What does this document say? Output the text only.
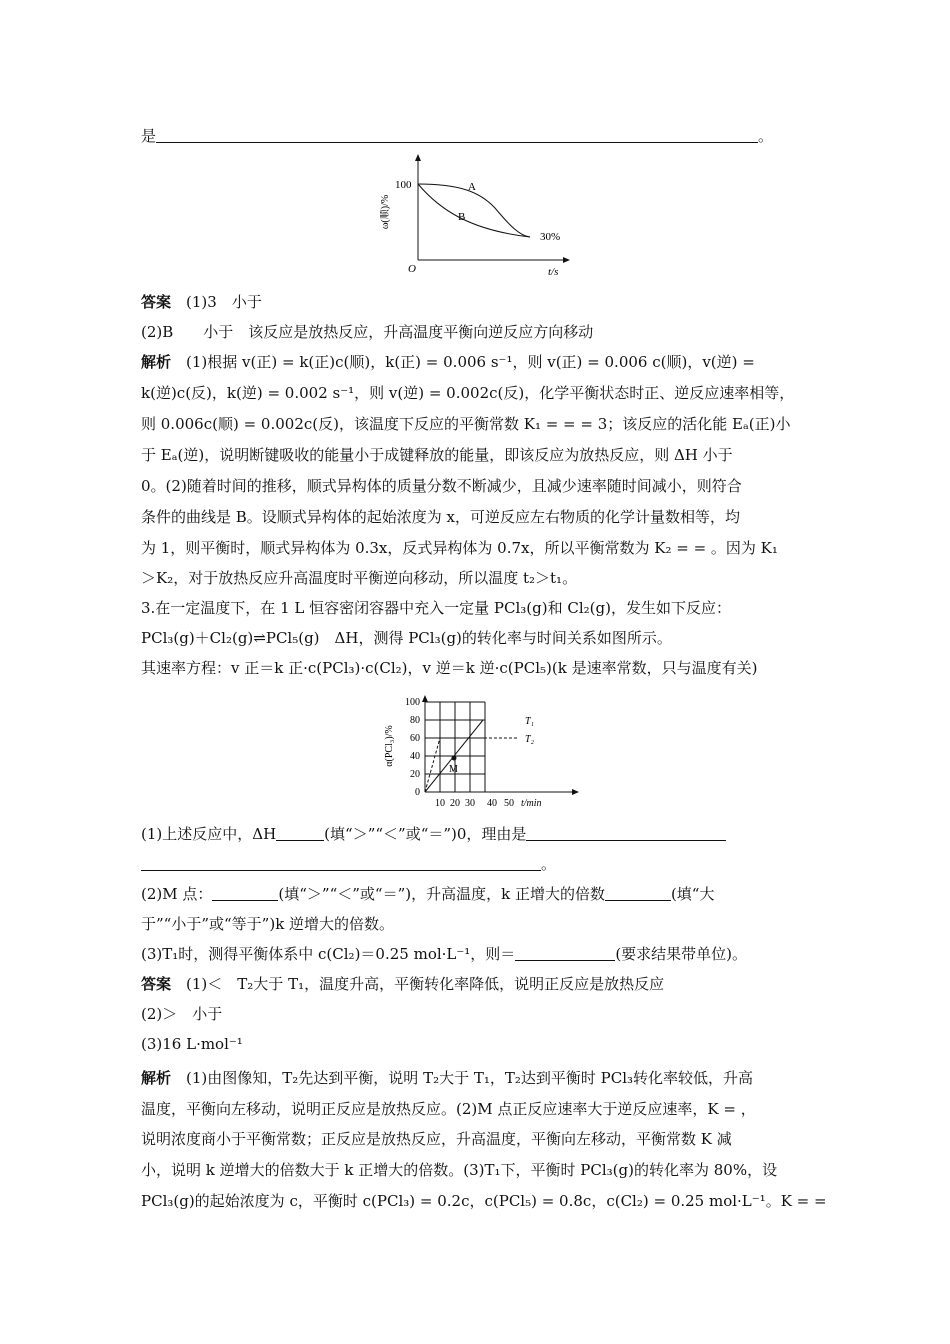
是	。
ω(顺)/%
100
O	t/s
A
B
30%
答案　 (1)3　小于
(2)B　　小于　该反应是放热反应，升高温度平衡向逆反应方向移动
解析　 (1)根据 v(正) = k(正)c(顺)，k(正) = 0.006 s⁻¹，则 v(正) = 0.006 c(顺)，v(逆) =
k(逆)c(反)，k(逆) = 0.002 s⁻¹，则 v(逆) = 0.002c(反)，化学平衡状态时正、逆反应速率相等，
则 0.006c(顺) = 0.002c(反)，该温度下反应的平衡常数 K₁ = = = 3；该反应的活化能 Eₐ(正)小
于 Eₐ(逆)，说明断键吸收的能量小于成键释放的能量，即该反应为放热反应，则 ΔH 小于
0。(2)随着时间的推移，顺式异构体的质量分数不断减少，且减少速率随时间减小，则符合
条件的曲线是 B。设顺式异构体的起始浓度为 x，可逆反应左右物质的化学计量数相等，均
为 1，则平衡时，顺式异构体为 0.3x，反式异构体为 0.7x，所以平衡常数为 K₂ = = 。因为 K₁
＞K₂，对于放热反应升高温度时平衡逆向移动，所以温度 t₂＞t₁。
3.在一定温度下，在 1 L 恒容密闭容器中充入一定量 PCl₃(g)和 Cl₂(g)，发生如下反应：
PCl₃(g)＋Cl₂(g)⇌PCl₅(g)　ΔH，测得 PCl₃(g)的转化率与时间关系如图所示。
其速率方程：v 正＝k 正·c(PCl₃)·c(Cl₂)，v 逆＝k 逆·c(PCl₅)(k 是速率常数，只与温度有关)
M
T₁
T₂
α(PCl₃)/%
100
80
60
40
20
0
10 20 30 40 50 t/min
(1)上述反应中，ΔH	(填“＞”“＜”或“＝”)0，理由是
。
(2)M 点：	(填“＞”“＜”或“＝”)，升高温度，k 正增大的倍数	(填“大
于”“小于”或“等于”)k 逆增大的倍数。
(3)T₁时，测得平衡体系中 c(Cl₂)＝0.25 mol·L⁻¹，则＝	(要求结果带单位)。
答案　 (1)＜　T₂大于 T₁，温度升高，平衡转化率降低，说明正反应是放热反应
(2)＞　小于
(3)16 L·mol⁻¹
解析　 (1)由图像知，T₂先达到平衡，说明 T₂大于 T₁，T₂达到平衡时 PCl₃转化率较低，升高
温度，平衡向左移动，说明正反应是放热反应。(2)M 点正反应速率大于逆反应速率，K = ，
说明浓度商小于平衡常数；正反应是放热反应，升高温度，平衡向左移动，平衡常数 K 减
小，说明 k 逆增大的倍数大于 k 正增大的倍数。(3)T₁下，平衡时 PCl₃(g)的转化率为 80%，设
PCl₃(g)的起始浓度为 c，平衡时 c(PCl₃) = 0.2c，c(PCl₅) = 0.8c，c(Cl₂) = 0.25 mol·L⁻¹。K = =
